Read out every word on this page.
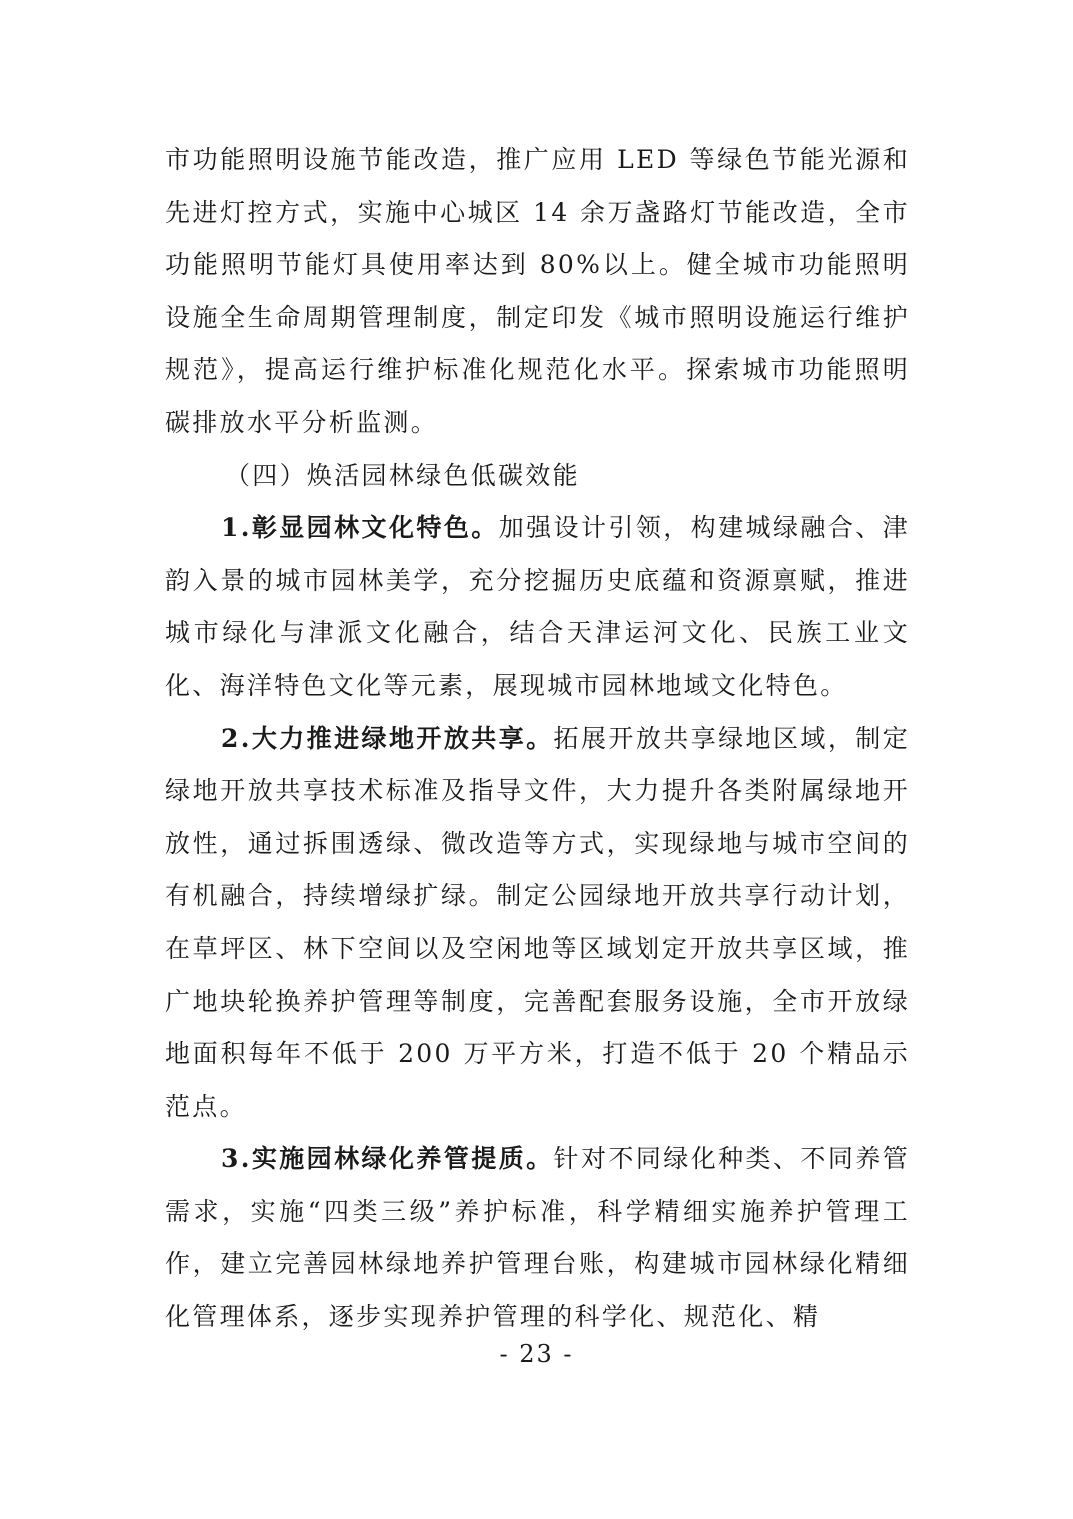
市功能照明设施节能改造，推广应用 LED 等绿色节能光源和先进灯控方式，实施中心城区 14 余万盏路灯节能改造，全市功能照明节能灯具使用率达到 80%以上。健全城市功能照明设施全生命周期管理制度，制定印发《城市照明设施运行维护规范》，提高运行维护标准化规范化水平。探索城市功能照明碳排放水平分析监测。

（四）焕活园林绿色低碳效能

1.彰显园林文化特色。加强设计引领，构建城绿融合、津韵入景的城市园林美学，充分挖掘历史底蕴和资源禀赋，推进城市绿化与津派文化融合，结合天津运河文化、民族工业文化、海洋特色文化等元素，展现城市园林地域文化特色。

2.大力推进绿地开放共享。拓展开放共享绿地区域，制定绿地开放共享技术标准及指导文件，大力提升各类附属绿地开放性，通过拆围透绿、微改造等方式，实现绿地与城市空间的有机融合，持续增绿扩绿。制定公园绿地开放共享行动计划，在草坪区、林下空间以及空闲地等区域划定开放共享区域，推广地块轮换养护管理等制度，完善配套服务设施，全市开放绿地面积每年不低于 200 万平方米，打造不低于 20 个精品示范点。

3.实施园林绿化养管提质。针对不同绿化种类、不同养管需求，实施“四类三级”养护标准，科学精细实施养护管理工作，建立完善园林绿地养护管理台账，构建城市园林绿化精细化管理体系，逐步实现养护管理的科学化、规范化、精

- 23 -
